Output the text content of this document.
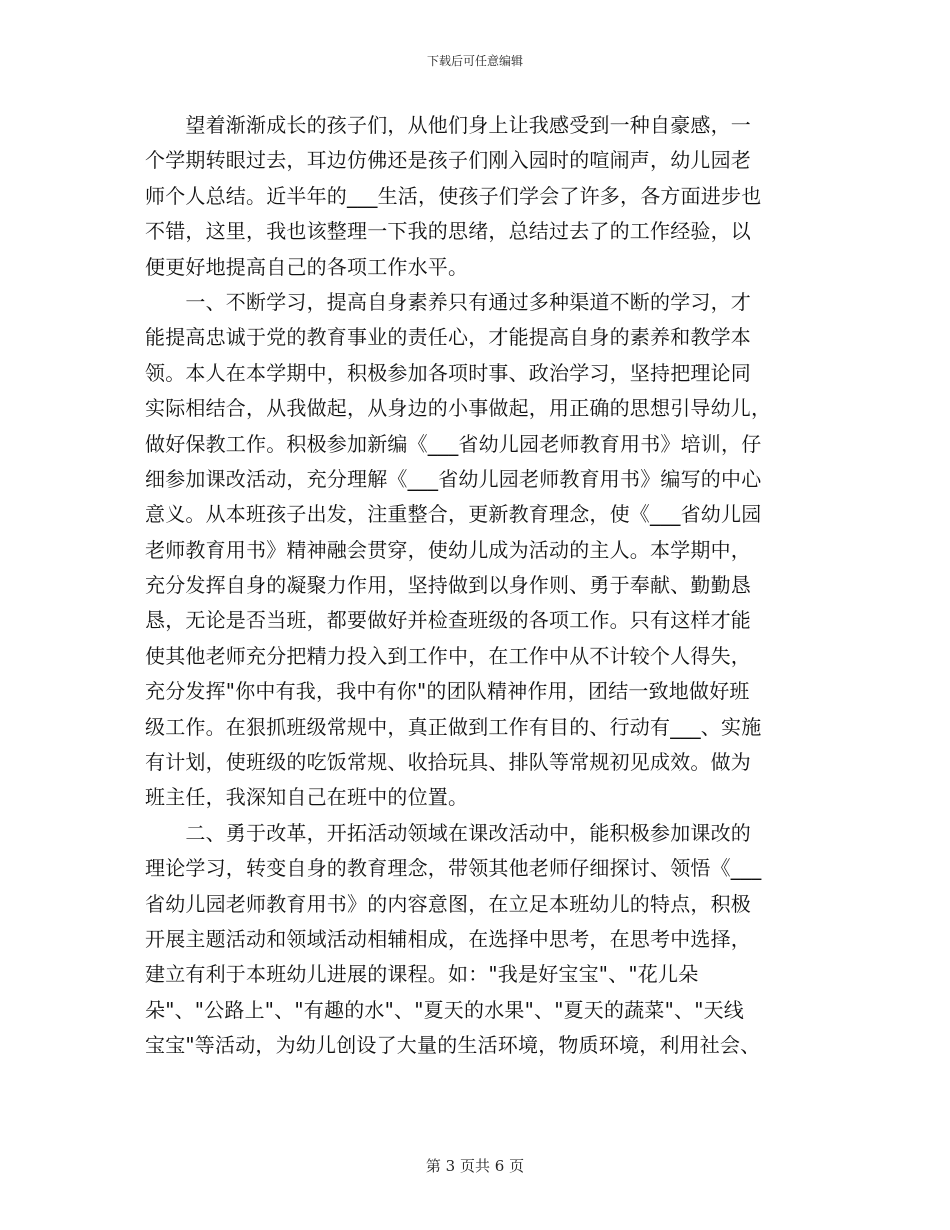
下载后可任意编辑
　　望着渐渐成长的孩子们，从他们身上让我感受到一种自豪感，一
个学期转眼过去，耳边仿佛还是孩子们刚入园时的喧闹声，幼儿园老
师个人总结。近半年的___生活，使孩子们学会了许多，各方面进步也
不错，这里，我也该整理一下我的思绪，总结过去了的工作经验，以
便更好地提高自己的各项工作水平。
　　一、不断学习，提高自身素养只有通过多种渠道不断的学习，才
能提高忠诚于党的教育事业的责任心，才能提高自身的素养和教学本
领。本人在本学期中，积极参加各项时事、政治学习，坚持把理论同
实际相结合，从我做起，从身边的小事做起，用正确的思想引导幼儿，
做好保教工作。积极参加新编《___省幼儿园老师教育用书》培训，仔
细参加课改活动，充分理解《___省幼儿园老师教育用书》编写的中心
意义。从本班孩子出发，注重整合，更新教育理念，使《___省幼儿园
老师教育用书》精神融会贯穿，使幼儿成为活动的主人。本学期中，
充分发挥自身的凝聚力作用，坚持做到以身作则、勇于奉献、勤勤恳
恳，无论是否当班，都要做好并检查班级的各项工作。只有这样才能
使其他老师充分把精力投入到工作中，在工作中从不计较个人得失，
充分发挥"你中有我，我中有你"的团队精神作用，团结一致地做好班
级工作。在狠抓班级常规中，真正做到工作有目的、行动有___、实施
有计划，使班级的吃饭常规、收拾玩具、排队等常规初见成效。做为
班主任，我深知自己在班中的位置。
　　二、勇于改革，开拓活动领域在课改活动中，能积极参加课改的
理论学习，转变自身的教育理念，带领其他老师仔细探讨、领悟《___
省幼儿园老师教育用书》的内容意图，在立足本班幼儿的特点，积极
开展主题活动和领域活动相辅相成，在选择中思考，在思考中选择，
建立有利于本班幼儿进展的课程。如："我是好宝宝"、"花儿朵
朵"、"公路上"、"有趣的水"、"夏天的水果"、"夏天的蔬菜"、"天线
宝宝"等活动，为幼儿创设了大量的生活环境，物质环境，利用社会、
第 3 页共 6 页
